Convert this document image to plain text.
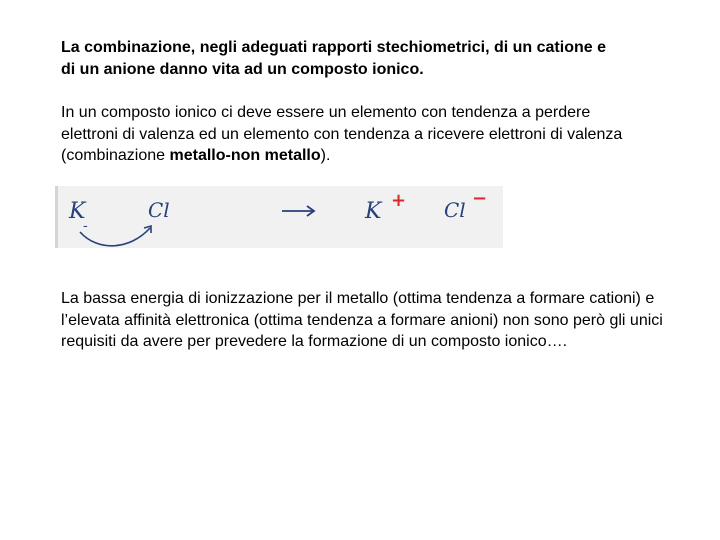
La combinazione, negli adeguati rapporti stechiometrici, di un catione e di un anione danno vita ad un composto ionico.

In un composto ionico ci deve essere un elemento con tendenza a perdere elettroni di valenza ed un elemento con tendenza a ricevere elettroni di valenza (combinazione metallo-non metallo).

K
-
Cl	K + Cl −

La bassa energia di ionizzazione per il metallo (ottima tendenza a formare cationi) e l’elevata affinità elettronica (ottima tendenza a formare anioni) non sono però gli unici requisiti da avere per prevedere la formazione di un composto ionico….
